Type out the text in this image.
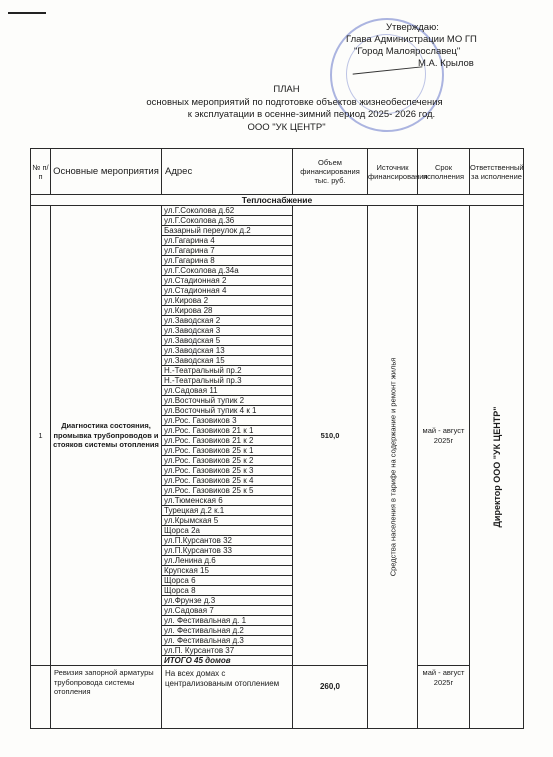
Утверждаю:
Глава Администрации МО ГП
"Город Малоярославец"
М.А. Крылов
ПЛАН
основных мероприятий по подготовке объектов жизнеобеспечения
к эксплуатации в осенне-зимний период 2025- 2026 год.
ООО "УК ЦЕНТР"
№ п/п	Основные мероприятия	Адрес	Объем финансирования тыс. руб.	Источник финансирования	Срок исполнения	Ответственный за исполнение
Теплоснабжение						
1	Диагностика состояния, промывка трубопроводов и стояков системы отопления	ул.Г.Соколова д.62	510,0	Средства населения в тарифе на содержание и ремонт жилья	май - август 2025г	Директор ООО "УК ЦЕНТР"

		ул.Г.Соколова д.36				
		Базарный переулок д.2				
		ул.Гагарина 4				
		ул.Гагарина 7				
		ул.Гагарина 8				
		ул.Г.Соколова д.34а				
		ул.Стадионная 2				
		ул.Стадионная 4				
		ул.Кирова 2				
		ул.Кирова 28				
		ул.Заводская 2				
		ул.Заводская 3				
		ул.Заводская 5				
		ул.Заводская 13				
		ул.Заводская 15				
		Н.-Театральный пр.2				
		Н.-Театральный пр.3				
		ул.Садовая 11				
		ул.Восточный тупик 2				
		ул.Восточный тупик 4 к 1				
		ул.Рос. Газовиков 3				
		ул.Рос. Газовиков 21 к 1				
		ул.Рос. Газовиков 21 к 2				
		ул.Рос. Газовиков 25 к 1				
		ул.Рос. Газовиков 25 к 2				
		ул.Рос. Газовиков 25 к 3				
		ул.Рос. Газовиков 25 к 4				
		ул.Рос. Газовиков 25 к 5				
		ул.Тюменская 6				
		Турецкая д.2 к.1				
		ул.Крымская 5				
		Щорса 2а				
		ул.П.Курсантов 32				
		ул.П.Курсантов 33				
		ул.Ленина д.6				
		Крупская 15				
		Щорса 6				
		Щорса 8				
		ул.Фрунзе д.3				
		ул.Садовая 7				
		ул. Фестивальная д. 1				
		ул. Фестивальная д.2				
		ул. Фестивальная д.3				
		ул.П. Курсантов 37				
		ИТОГО 45 домов				
	Ревизия запорной арматуры трубопровода системы отопления	На всех домах с централизованым отоплением	260,0		май - август 2025г	
